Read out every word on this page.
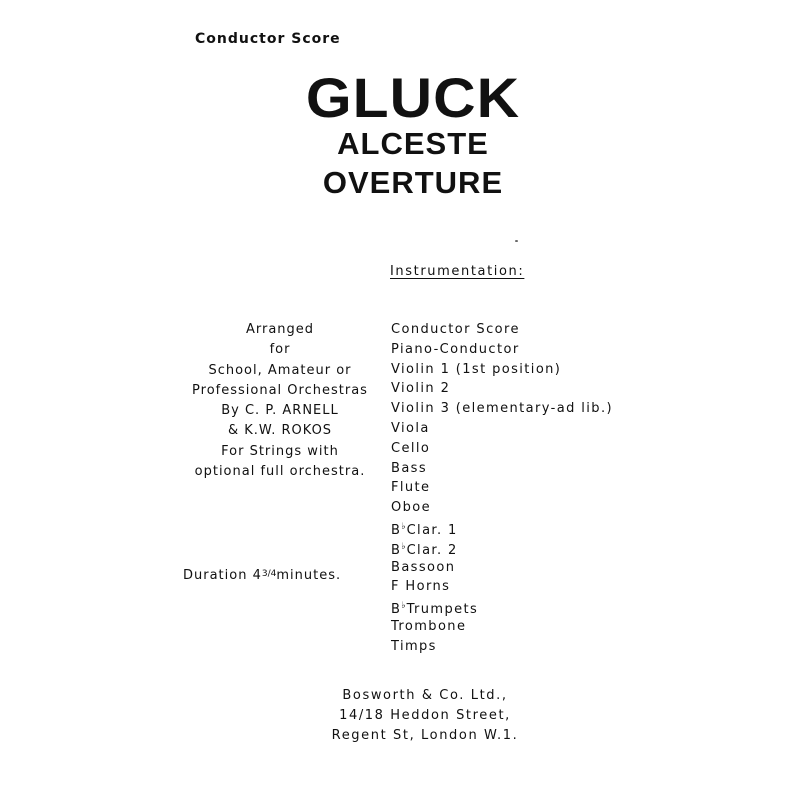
Conductor Score
GLUCK
ALCESTE
OVERTURE
Instrumentation:
Arranged
for
School, Amateur or
Professional Orchestras
By C. P. ARNELL
& K.W. ROKOS
For Strings with
optional full orchestra.
Duration $4^{3/4}minutes$.
Conductor Score
Piano-Conductor
Violin 1 (1st position)
Violin 2
Violin 3 (elementary-ad lib.)
Viola
Cello
Bass
Flute
Oboe
B♭Clar. 1
B♭Clar. 2
Bassoon
F Horns
B♭Trumpets
Trombone
Timps
Bosworth & Co. Ltd.,
14/18 Heddon Street,
Regent St, London W.1.
